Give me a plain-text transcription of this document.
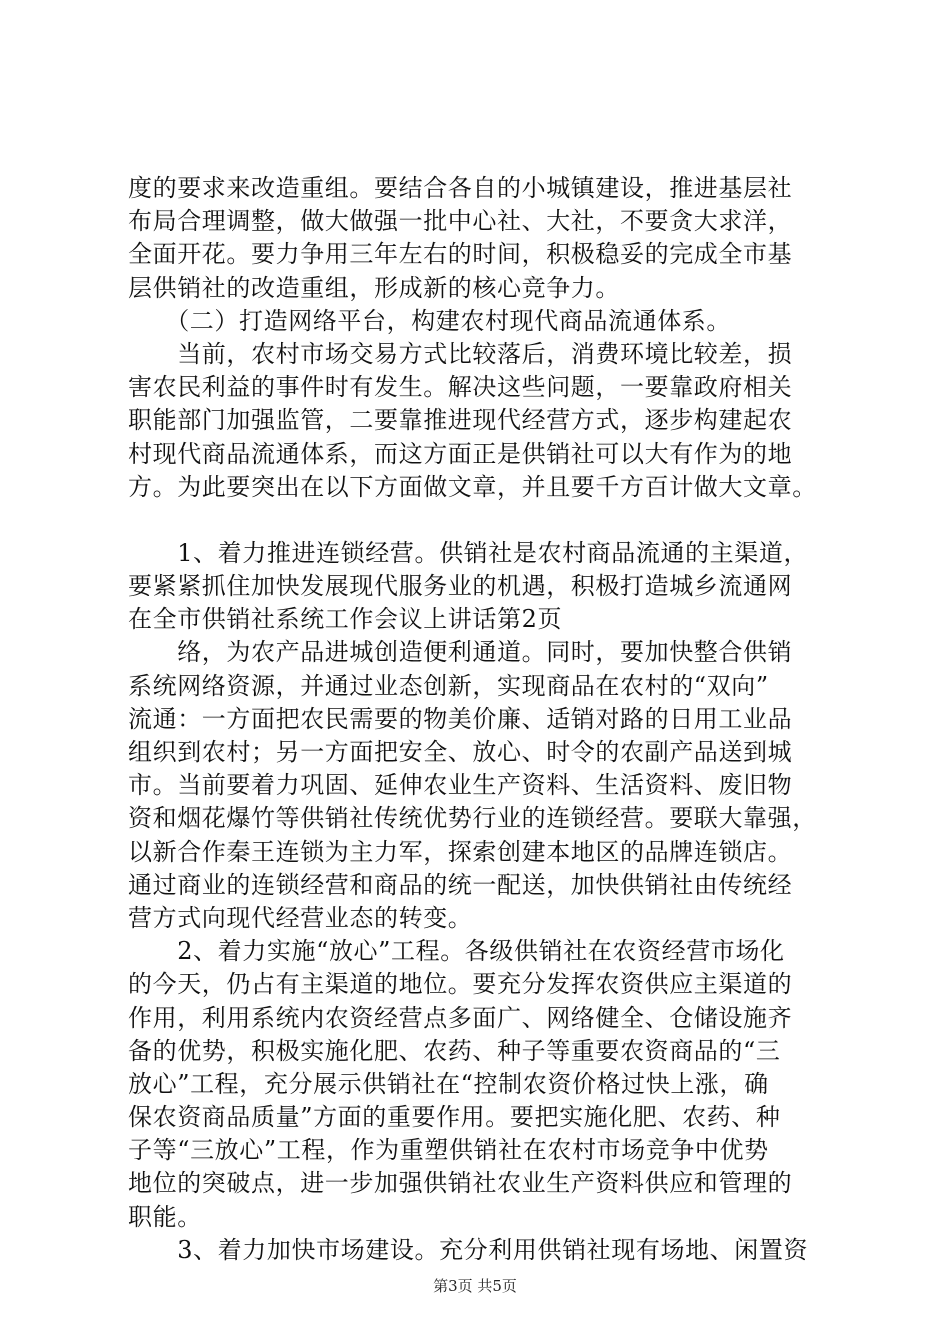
度的要求来改造重组。要结合各自的小城镇建设，推进基层社
布局合理调整，做大做强一批中心社、大社，不要贪大求洋，
全面开花。要力争用三年左右的时间，积极稳妥的完成全市基
层供销社的改造重组，形成新的核心竞争力。
　　（二）打造网络平台，构建农村现代商品流通体系。
　　当前，农村市场交易方式比较落后，消费环境比较差，损
害农民利益的事件时有发生。解决这些问题，一要靠政府相关
职能部门加强监管，二要靠推进现代经营方式，逐步构建起农
村现代商品流通体系，而这方面正是供销社可以大有作为的地
方。为此要突出在以下方面做文章，并且要千方百计做大文章。
　　1、着力推进连锁经营。供销社是农村商品流通的主渠道，
要紧紧抓住加快发展现代服务业的机遇，积极打造城乡流通网
在全市供销社系统工作会议上讲话第2页
　　络，为农产品进城创造便利通道。同时，要加快整合供销
系统网络资源，并通过业态创新，实现商品在农村的“双向”
流通：一方面把农民需要的物美价廉、适销对路的日用工业品
组织到农村；另一方面把安全、放心、时令的农副产品送到城
市。当前要着力巩固、延伸农业生产资料、生活资料、废旧物
资和烟花爆竹等供销社传统优势行业的连锁经营。要联大靠强，
以新合作秦王连锁为主力军，探索创建本地区的品牌连锁店。
通过商业的连锁经营和商品的统一配送，加快供销社由传统经
营方式向现代经营业态的转变。
　　2、着力实施“放心”工程。各级供销社在农资经营市场化
的今天，仍占有主渠道的地位。要充分发挥农资供应主渠道的
作用，利用系统内农资经营点多面广、网络健全、仓储设施齐
备的优势，积极实施化肥、农药、种子等重要农资商品的“三
放心”工程，充分展示供销社在“控制农资价格过快上涨，确
保农资商品质量”方面的重要作用。要把实施化肥、农药、种
子等“三放心”工程，作为重塑供销社在农村市场竞争中优势
地位的突破点，进一步加强供销社农业生产资料供应和管理的
职能。
　　3、着力加快市场建设。充分利用供销社现有场地、闲置资
第3页 共5页
